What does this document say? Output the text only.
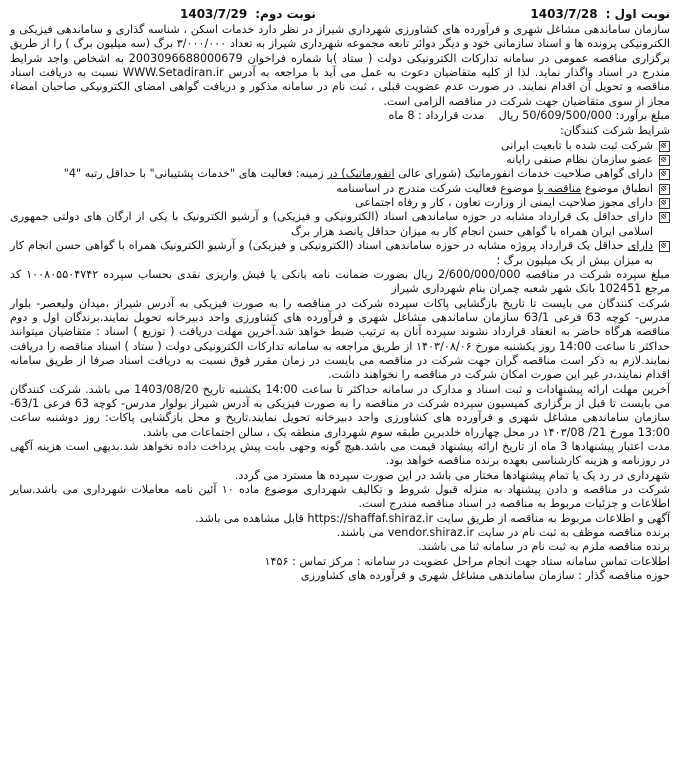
نوبت اول :
1403/7/28
نوبت دوم:
1403/7/29

سازمان ساماندهی مشاغل شهری و فرآورده های کشاورزی شهرداری شیراز در نظر دارد خدمات اسکن ، شناسه گذاری و ساماندهی فیزیکی و الکترونیکی پرونده ها و اسناد سازمانی خود و دیگر دوائر تابعه مجموعه شهرداری شیراز به تعداد ۳/۰۰۰/۰۰۰ برگ (سه میلیون برگ ) را از طریق برگزاری مناقصه عمومی در سامانه تدارکات الکترونیکی دولت ( ستاد )با شماره فراخوان 2003096688000679 به اشخاص واجد شرایط مندرج در اسناد واگذار نماید. لذا از کلیه متقاضیان دعوت به عمل می آید با مراجعه به آدرس WWW.Setadiran.ir نسبت به دریافت اسناد مناقصه و تحویل آن اقدام نمایند. در صورت عدم عضویت قبلی ، ثبت نام در سامانه مذکور و دریافت گواهی امضای الکترونیکی صاحبان امضاء مجاز از سوی متقاضیان جهت شرکت در مناقصه الزامی است.

مبلغ برآورد: 50/609/500/000 ریال    مدت قرارداد : 8 ماه

شرایط شرکت کنندگان:

شرکت ثبت شده با تابعیت ایرانی
عضو سازمان نظام صنفی رایانه
دارای گواهی صلاحیت خدمات انفورماتیک (شورای عالی انفورماتیک) در زمینه: فعالیت های "خدمات پشتیبانی" با حداقل رتبه "4"
انطباق موضوع مناقصه با موضوع فعالیت شرکت مندرج در اساسنامه
دارای مجوز صلاحیت ایمنی از وزارت تعاون ، کار و رفاه اجتماعی
دارای حداقل یک قرارداد مشابه در حوزه ساماندهی اسناد (الکترونیکی و فیزیکی) و آرشیو الکترونیک با یکی از ارگان های دولتی جمهوری اسلامی ایران همراه با گواهی حسن انجام کار به میزان حداقل پانصد هزار برگ
دارای حداقل یک قرارداد پروژه مشابه در حوزه ساماندهی اسناد (الکترونیکی و فیزیکی) و آرشیو الکترونیک همراه با گواهی حسن انجام کار به میزان بیش از یک میلیون برگ ؛

مبلغ سپرده شرکت در مناقصه 2/600/000/000 ریال بصورت ضمانت نامه بانکی یا فیش واریزی نقدی بحساب سپرده ۱۰۰۸۰۵۵۰۴۷۴۲ کد مرجع 102451 بانک شهر شعبه چمران بنام شهرداری شیراز

شرکت کنندگان می بایست تا تاریخ بازگشایی پاکات سپرده شرکت در مناقصه را به صورت فیزیکی به آدرس شیراز ،میدان ولیعصر- بلوار مدرس- کوچه 63 فرعی 63/1 سازمان ساماندهی مشاغل شهری و فرآورده های کشاورزی واحد دبیرخانه تحویل نمایند.برندگان اول و دوم مناقصه هرگاه حاضر به انعقاد قرارداد نشوند سپرده آنان به ترتیب ضبط خواهد شد.آخرین مهلت دریافت ( توزیع ) اسناد : متقاضیان میتوانند حداکثر تا ساعت 14:00 روز یکشنبه مورخ ۱۴۰۳/۰۸/۰۶ از طریق مراجعه به سامانه تدارکات الکترونیکی دولت ( ستاد ) اسناد مناقصه را دریافت نمایند.لازم به ذکر است مناقصه گران جهت شرکت در مناقصه می بایست در زمان مقرر فوق نسبت به دریافت اسناد صرفا از طریق سامانه اقدام نمایند،در غیر این صورت امکان شرکت در مناقصه را نخواهند داشت.

آخرین مهلت ارائه پیشنهادات و ثبت اسناد و مدارک در سامانه حداکثر تا ساعت 14:00 یکشنبه تاریخ 1403/08/20 می باشد. شرکت کنندگان می بایست تا قبل از برگزاری کمیسیون سپرده شرکت در مناقصه را به صورت فیزیکی به آدرس شیراز بولوار مدرس- کوچه 63 فرعی 63/1- سازمان ساماندهی مشاغل شهری و فرآورده های کشاورزی واحد دبیرخانه تحویل نمایند.تاریخ و محل بازگشایی پاکات: روز دوشنبه ساعت 13:00 مورخ 21/ ۱۴۰۳/08 در محل چهارراه خلدبرین طبقه سوم شهرداری منطقه یک ، سالن اجتماعات می باشد.

مدت اعتبار پیشنهادها 3 ماه از تاریخ ارائه پیشنهاد قیمت می باشد.هیچ گونه وجهی بابت پیش پرداخت داده نخواهد شد.بدیهی است هزینه آگهی در روزنامه و هزینه کارشناسی بعهده برنده مناقصه خواهد بود.

شهرداری در رد یک یا تمام پیشنهادها مختار می باشد در این صورت سپرده ها مسترد می گردد.

شرکت در مناقصه و دادن پیشنهاد به منزله قبول شروط و تکالیف شهرداری موضوع ماده ۱۰ آئین نامه معاملات شهرداری می باشد.سایر اطلاعات و جزئیات مربوط به مناقصه در اسناد مناقصه مندرج است.

آگهی و اطلاعات مربوط به مناقصه از طریق سایت https://shaffaf.shiraz.ir قابل مشاهده می باشد.

برنده مناقصه موظف به ثبت نام در سایت vendor.shiraz.ir می باشند.

برنده مناقصه ملزم به ثبت نام در سامانه ثنا می باشند.

اطلاعات تماس سامانه ستاد جهت انجام مراحل عضویت در سامانه : مرکز تماس : ۱۴۵۶

حوزه مناقصه گذار : سازمان ساماندهی مشاغل شهری و فرآورده های کشاورزی
